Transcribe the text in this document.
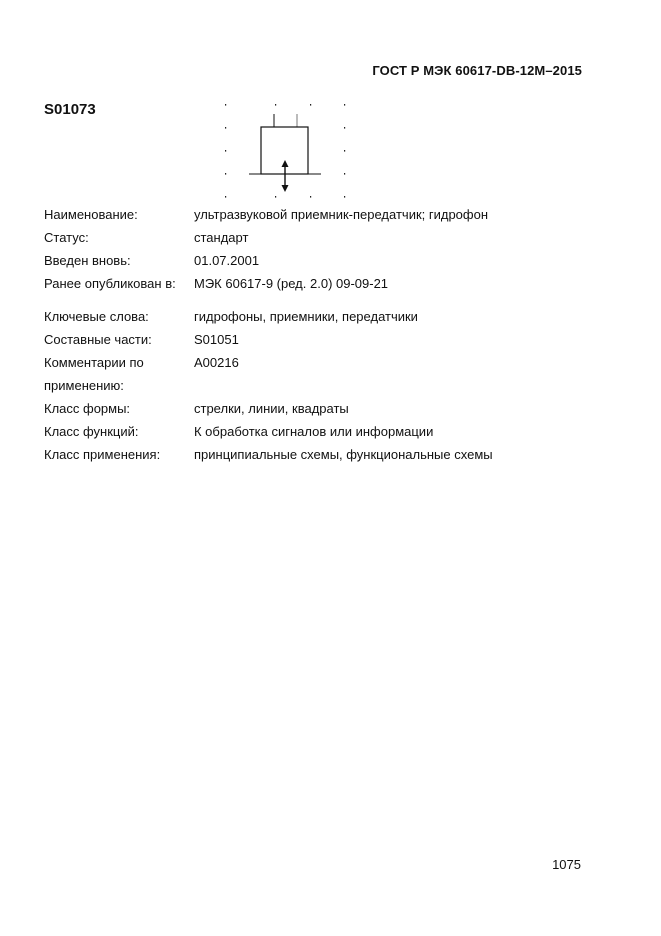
ГОСТ Р МЭК 60617-DB-12M–2015
S01073
Наименование:	ультразвуковой приемник-передатчик; гидрофон
Статус:	стандарт
Введен вновь:	01.07.2001
Ранее опубликован в:	МЭК 60617-9 (ред. 2.0) 09-09-21
Ключевые слова:	гидрофоны, приемники, передатчики
Составные части:	S01051
Комментарии по	A00216
применению:
Класс формы:	стрелки, линии, квадраты
Класс функций:	К обработка сигналов или информации
Класс применения:	принципиальные схемы, функциональные схемы
1075
